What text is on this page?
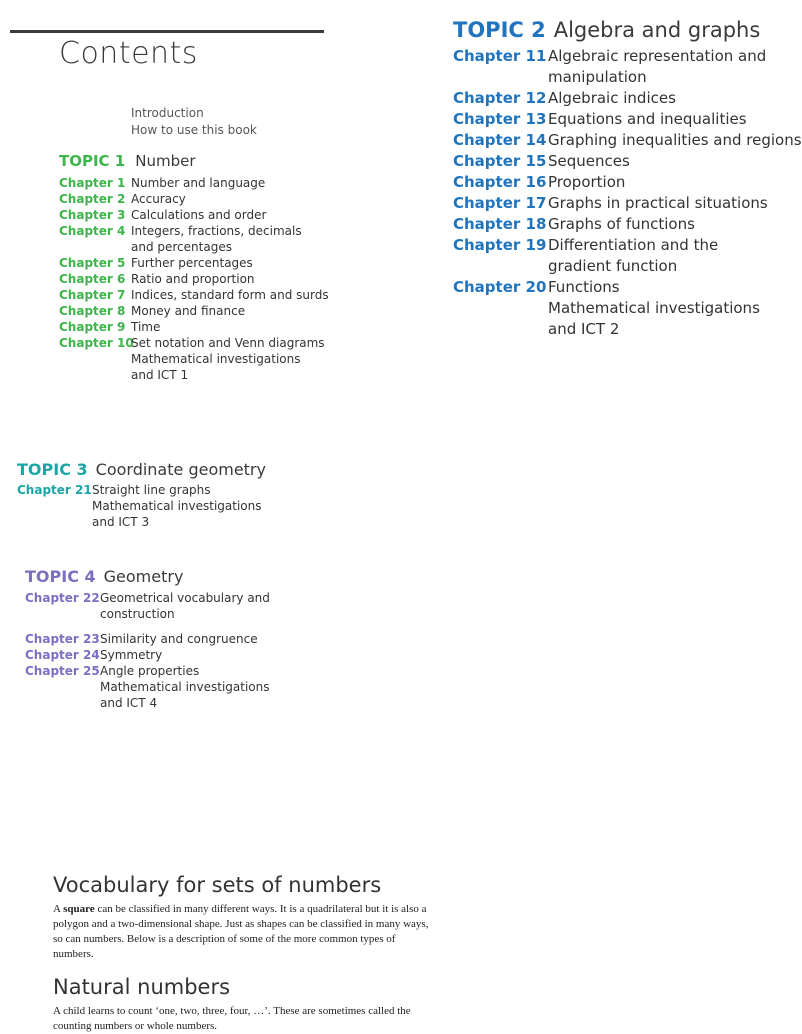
Contents
Introduction
How to use this book
TOPIC 1 Number
Chapter 1 Number and language
Chapter 2 Accuracy
Chapter 3 Calculations and order
Chapter 4 Integers, fractions, decimals
and percentages
Chapter 5 Further percentages
Chapter 6 Ratio and proportion
Chapter 7 Indices, standard form and surds
Chapter 8 Money and finance
Chapter 9 Time
Chapter 10
Set notation and Venn diagrams
Mathematical investigations
and ICT 1
TOPIC 2 Algebra and graphs
Chapter 11 Algebraic representation and
manipulation
Chapter 12 Algebraic indices
Chapter 13 Equations and inequalities
Chapter 14 Graphing inequalities and regions
Chapter 15 Sequences
Chapter 16 Proportion
Chapter 17 Graphs in practical situations
Chapter 18 Graphs of functions
Chapter 19 Differentiation and the
gradient function
Chapter 20 Functions
Mathematical investigations
and ICT 2
TOPIC 3 Coordinate geometry
Chapter 21 Straight line graphs
Mathematical investigations
and ICT 3
TOPIC 4 Geometry
Chapter 22 Geometrical vocabulary and
construction
Chapter 23 Similarity and congruence
Chapter 24 Symmetry
Chapter 25 Angle properties
Mathematical investigations
and ICT 4
Vocabulary for sets of numbers
A square can be classified in many different ways. It is a quadrilateral but it is also a polygon and a two-dimensional shape. Just as shapes can be classified in many ways, so can numbers. Below is a description of some of the more common types of numbers.
Natural numbers
A child learns to count ‘one, two, three, four, …’. These are sometimes called the counting numbers or whole numbers.
